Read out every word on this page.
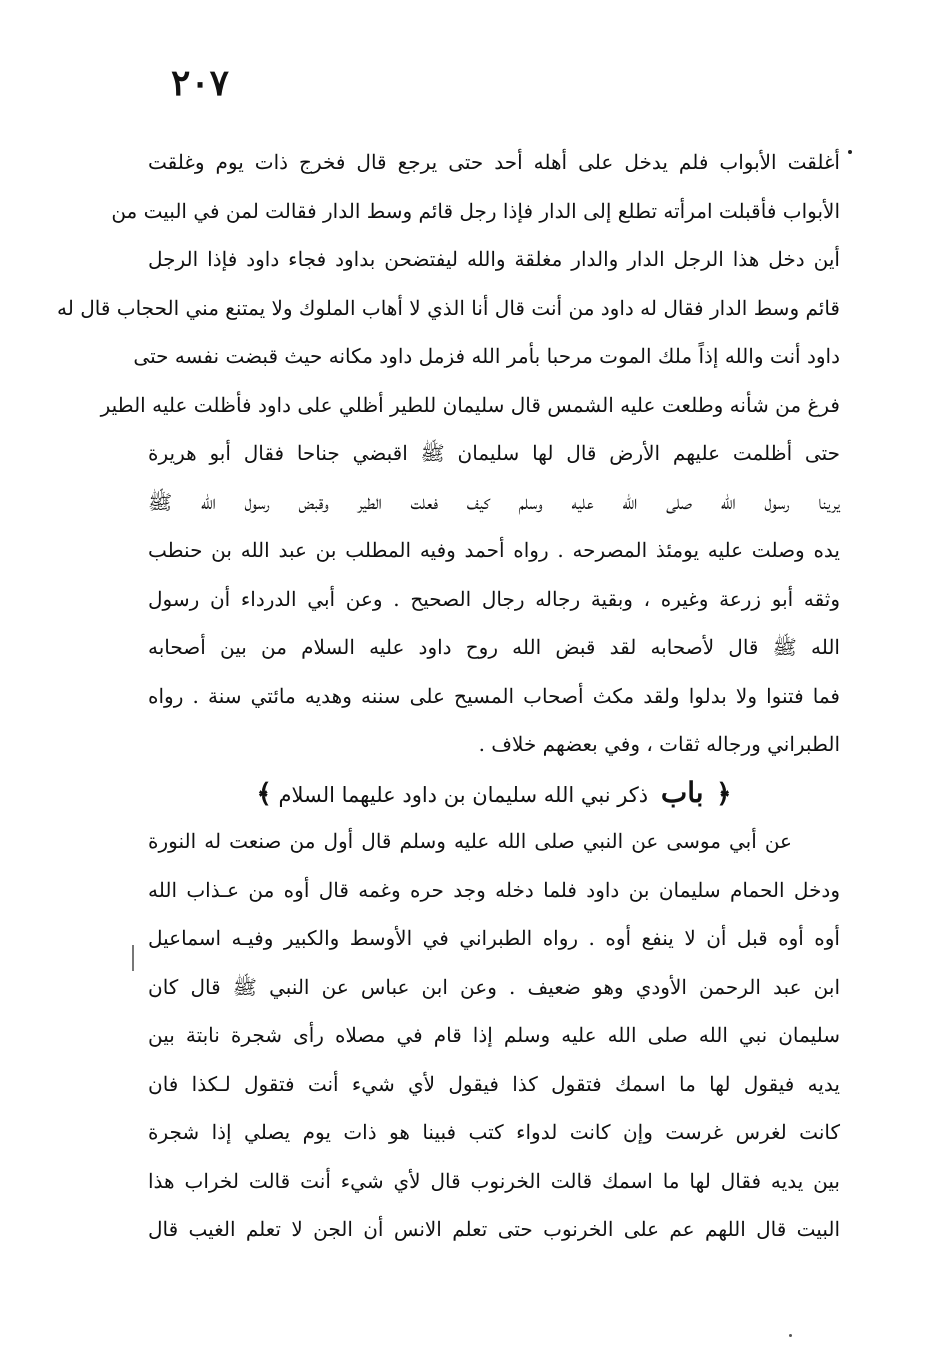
٢٠٧
أغلقت الأبواب فلم يدخل على أهله أحد حتى يرجع قال فخرج ذات يوم وغلقت
الأبواب فأقبلت امرأته تطلع إلى الدار فإذا رجل قائم وسط الدار فقالت لمن في البيت من
أين دخل هذا الرجل الدار والدار مغلقة والله ليفتضحن بداود فجاء داود فإذا الرجل
قائم وسط الدار فقال له داود من أنت قال أنا الذي لا أهاب الملوك ولا يمتنع مني الحجاب قال له
داود أنت والله إذاً ملك الموت مرحبا بأمر الله فزمل داود مكانه حيث قبضت نفسه حتى
فرغ من شأنه وطلعت عليه الشمس قال سليمان للطير أظلي على داود فأظلت عليه الطير
حتى أظلمت عليهم الأرض قال لها سليمان ﷺ اقبضي جناحا فقال أبو هريرة
يرينا رسول الله صلى الله عليه وسلم كيف فعلت الطير وقبض رسول الله ﷺ
يده وصلت عليه يومئذ المصرحه . رواه أحمد وفيه المطلب بن عبد الله بن حنطب
وثقه أبو زرعة وغيره ، وبقية رجاله رجال الصحيح . وعن أبي الدرداء أن رسول
الله ﷺ قال لأصحابه لقد قبض الله روح داود عليه السلام من بين أصحابه
فما فتنوا ولا بدلوا ولقد مكث أصحاب المسيح على سننه وهديه مائتي سنة . رواه
الطبراني ورجاله ثقات ، وفي بعضهم خلاف .
﴿ باب ذكر نبي الله سليمان بن داود عليهما السلام ﴾
عن أبي موسى عن النبي صلى الله عليه وسلم قال أول من صنعت له النورة
ودخل الحمام سليمان بن داود فلما دخله وجد حره وغمه قال أوه من عـذاب الله
أوه أوه قبل أن لا ينفع أوه . رواه الطبراني في الأوسط والكبير وفيـه اسماعيل
ابن عبد الرحمن الأودي وهو ضعيف . وعن ابن عباس عن النبي ﷺ قال كان
سليمان نبي الله صلى الله عليه وسلم إذا قام في مصلاه رأى شجرة نابتة بين
يديه فيقول لها ما اسمك فتقول كذا فيقول لأي شيء أنت فتقول لـكذا فان
كانت لغرس غرست وإن كانت لدواء كتب فبينا هو ذات يوم يصلي إذا شجرة
بين يديه فقال لها ما اسمك قالت الخرنوب قال لأي شيء أنت قالت لخراب هذا
البيت قال اللهم عم على الخرنوب حتى تعلم الانس أن الجن لا تعلم الغيب قال
